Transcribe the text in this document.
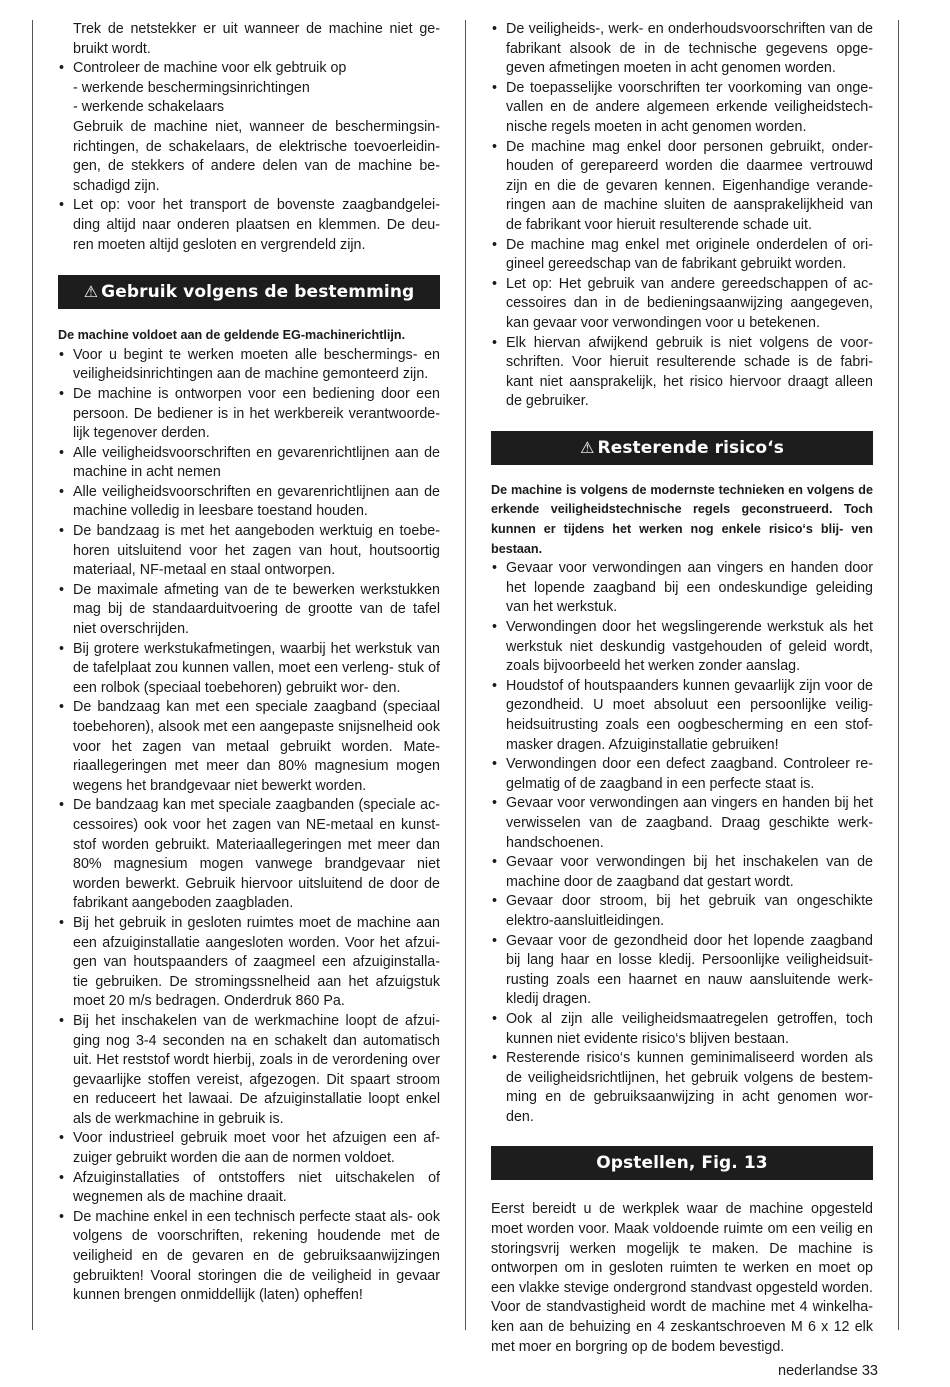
Trek de netstekker er uit wanneer de machine niet ge- bruikt wordt.

• Controleer de machine voor elk gebtruik op
- werkende beschermingsinrichtingen
- werkende schakelaars
Gebruik de machine niet, wanneer de beschermingsin- richtingen, de schakelaars, de elektrische toevoerleidin- gen, de stekkers of andere delen van de machine be- schadigd zijn.
• Let op: voor het transport de bovenste zaagbandgelei- ding altijd naar onderen plaatsen en klemmen. De deu- ren moeten altijd gesloten en vergrendeld zijn.
⚠ Gebruik volgens de bestemming

De machine voldoet aan de geldende EG-machinerichtlijn.

• Voor u begint te werken moeten alle beschermings- en veiligheidsinrichtingen aan de machine gemonteerd zijn.
• De machine is ontworpen voor een bediening door een persoon. De bediener is in het werkbereik verantwoorde- lijk tegenover derden.
• Alle veiligheidsvoorschriften en gevarenrichtlijnen aan de machine in acht nemen
• Alle veiligheidsvoorschriften en gevarenrichtlijnen aan de machine volledig in leesbare toestand houden.
• De bandzaag is met het aangeboden werktuig en toebe- horen uitsluitend voor het zagen van hout, houtsoortig materiaal, NF-metaal en staal ontworpen.
• De maximale afmeting van de te bewerken werkstukken mag bij de standaarduitvoering de grootte van de tafel niet overschrijden.
• Bij grotere werkstukafmetingen, waarbij het werkstuk van de tafelplaat zou kunnen vallen, moet een verleng- stuk of een rolbok (speciaal toebehoren) gebruikt wor- den.
• De bandzaag kan met een speciale zaagband (speciaal toebehoren), alsook met een aangepaste snijsnelheid ook voor het zagen van metaal gebruikt worden. Mate- riaallegeringen met meer dan 80% magnesium mogen wegens het brandgevaar niet bewerkt worden.
• De bandzaag kan met speciale zaagbanden (speciale ac- cessoires) ook voor het zagen van NE-metaal en kunst- stof worden gebruikt. Materiaallegeringen met meer dan 80% magnesium mogen vanwege brandgevaar niet worden bewerkt. Gebruik hiervoor uitsluitend de door de fabrikant aangeboden zaagbladen.
• Bij het gebruik in gesloten ruimtes moet de machine aan een afzuiginstallatie aangesloten worden. Voor het afzui- gen van houtspaanders of zaagmeel een afzuiginstalla- tie gebruiken. De stromingssnelheid aan het afzuigstuk moet 20 m/s bedragen. Onderdruk 860 Pa.
• Bij het inschakelen van de werkmachine loopt de afzui- ging nog 3-4 seconden na en schakelt dan automatisch uit. Het reststof wordt hierbij, zoals in de verordening over gevaarlijke stoffen vereist, afgezogen. Dit spaart stroom en reduceert het lawaai. De afzuiginstallatie loopt enkel als de werkmachine in gebruik is.
• Voor industrieel gebruik moet voor het afzuigen een af- zuiger gebruikt worden die aan de normen voldoet.
• Afzuiginstallaties of ontstoffers niet uitschakelen of wegnemen als de machine draait.
• De machine enkel in een technisch perfecte staat als- ook volgens de voorschriften, rekening houdende met de veiligheid en de gevaren en de gebruiksaanwijzingen gebruikten! Vooral storingen die de veiligheid in gevaar kunnen brengen onmiddellijk (laten) opheffen!
• De veiligheids-, werk- en onderhoudsvoorschriften van de fabrikant alsook de in de technische gegevens opge- geven afmetingen moeten in acht genomen worden.
• De toepasselijke voorschriften ter voorkoming van onge- vallen en de andere algemeen erkende veiligheidstech- nische regels moeten in acht genomen worden.
• De machine mag enkel door personen gebruikt, onder- houden of gerepareerd worden die daarmee vertrouwd zijn en die de gevaren kennen. Eigenhandige verande- ringen aan de machine sluiten de aansprakelijkheid van de fabrikant voor hieruit resulterende schade uit.
• De machine mag enkel met originele onderdelen of ori- gineel gereedschap van de fabrikant gebruikt worden.
• Let op: Het gebruik van andere gereedschappen of ac- cessoires dan in de bedieningsaanwijzing aangegeven, kan gevaar voor verwondingen voor u betekenen.
• Elk hiervan afwijkend gebruik is niet volgens de voor- schriften. Voor hieruit resulterende schade is de fabri- kant niet aansprakelijk, het risico hiervoor draagt alleen de gebruiker.
⚠ Resterende risico‘s

De machine is volgens de modernste technieken en volgens de erkende veiligheidstechnische regels geconstrueerd. Toch kunnen er tijdens het werken nog enkele risico‘s blij- ven bestaan.

• Gevaar voor verwondingen aan vingers en handen door het lopende zaagband bij een ondeskundige geleiding van het werkstuk.
• Verwondingen door het wegslingerende werkstuk als het werkstuk niet deskundig vastgehouden of geleid wordt, zoals bijvoorbeeld het werken zonder aanslag.
• Houdstof of houtspaanders kunnen gevaarlijk zijn voor de gezondheid. U moet absoluut een persoonlijke veilig- heidsuitrusting zoals een oogbescherming en een stof- masker dragen. Afzuiginstallatie gebruiken!
• Verwondingen door een defect zaagband. Controleer re- gelmatig of de zaagband in een perfecte staat is.
• Gevaar voor verwondingen aan vingers en handen bij het verwisselen van de zaagband. Draag geschikte werk- handschoenen.
• Gevaar voor verwondingen bij het inschakelen van de machine door de zaagband dat gestart wordt.
• Gevaar door stroom, bij het gebruik van ongeschikte elektro-aansluitleidingen.
• Gevaar voor de gezondheid door het lopende zaagband bij lang haar en losse kledij. Persoonlijke veiligheidsuit- rusting zoals een haarnet en nauw aansluitende werk- kledij dragen.
• Ook al zijn alle veiligheidsmaatregelen getroffen, toch kunnen niet evidente risico‘s blijven bestaan.
• Resterende risico‘s kunnen geminimaliseerd worden als de veiligheidsrichtlijnen, het gebruik volgens de bestem- ming en de gebruiksaanwijzing in acht genomen wor- den.
Opstellen, Fig. 13

Eerst bereidt u de werkplek waar de machine opgesteld moet worden voor. Maak voldoende ruimte om een veilig en storingsvrij werken mogelijk te maken. De machine is ontworpen om in gesloten ruimten te werken en moet op een vlakke stevige ondergrond standvast opgesteld worden. Voor de standvastigheid wordt de machine met 4 winkelha- ken aan de behuizing en 4 zeskantschroeven M 6 x 12 elk met moer en borgring op de bodem bevestigd.

nederlandse 33
